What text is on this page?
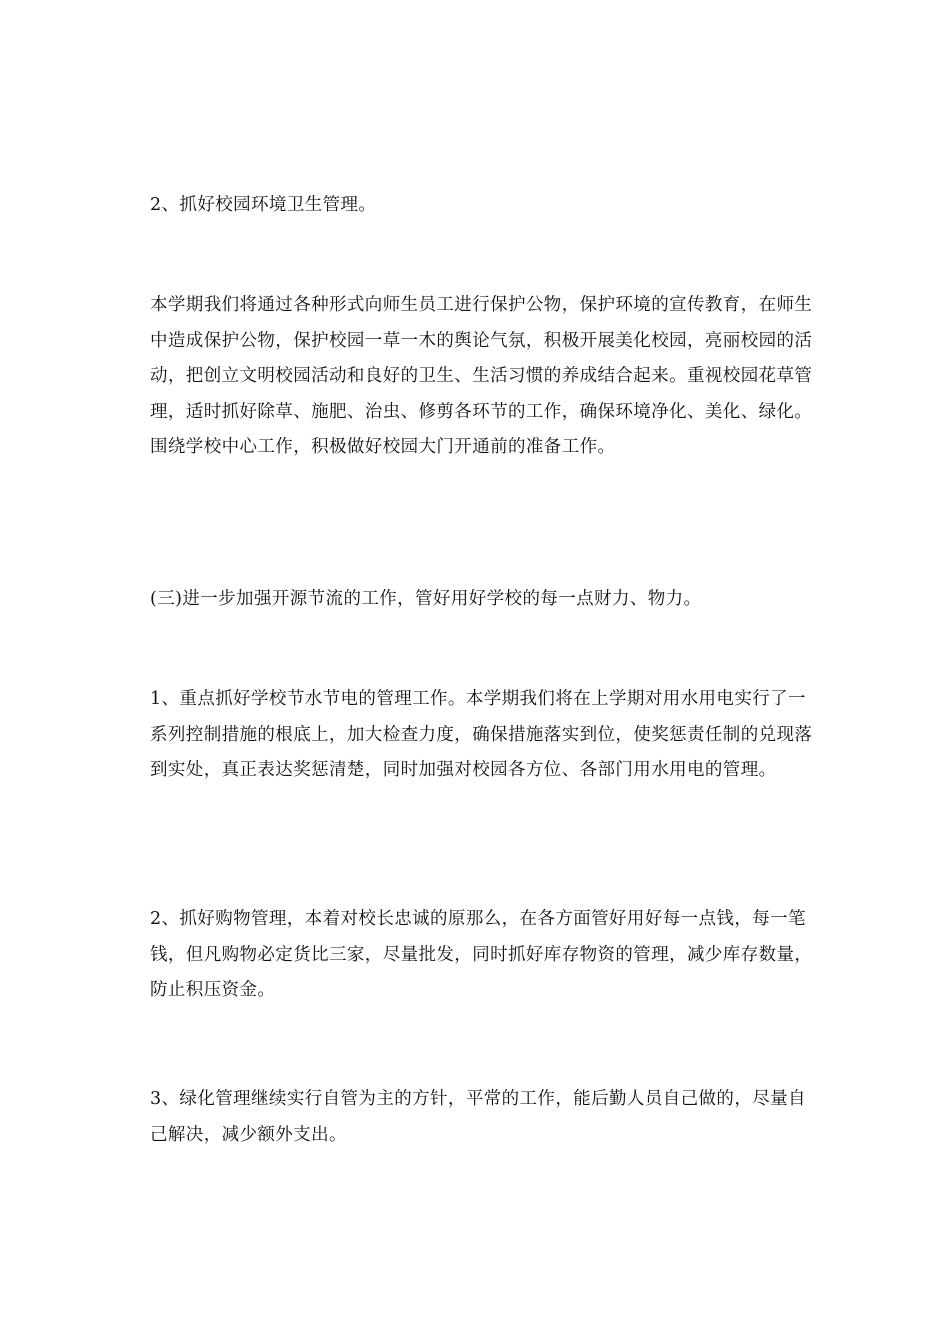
2、抓好校园环境卫生管理。

本学期我们将通过各种形式向师生员工进行保护公物，保护环境的宣传教育，在师生中造成保护公物，保护校园一草一木的舆论气氛，积极开展美化校园，亮丽校园的活动，把创立文明校园活动和良好的卫生、生活习惯的养成结合起来。重视校园花草管理，适时抓好除草、施肥、治虫、修剪各环节的工作，确保环境净化、美化、绿化。围绕学校中心工作，积极做好校园大门开通前的准备工作。

(三)进一步加强开源节流的工作，管好用好学校的每一点财力、物力。

1、重点抓好学校节水节电的管理工作。本学期我们将在上学期对用水用电实行了一系列控制措施的根底上，加大检查力度，确保措施落实到位，使奖惩责任制的兑现落到实处，真正表达奖惩清楚，同时加强对校园各方位、各部门用水用电的管理。

2、抓好购物管理，本着对校长忠诚的原那么，在各方面管好用好每一点钱，每一笔钱，但凡购物必定货比三家，尽量批发，同时抓好库存物资的管理，减少库存数量，防止积压资金。

3、绿化管理继续实行自管为主的方针，平常的工作，能后勤人员自己做的，尽量自己解决，减少额外支出。
